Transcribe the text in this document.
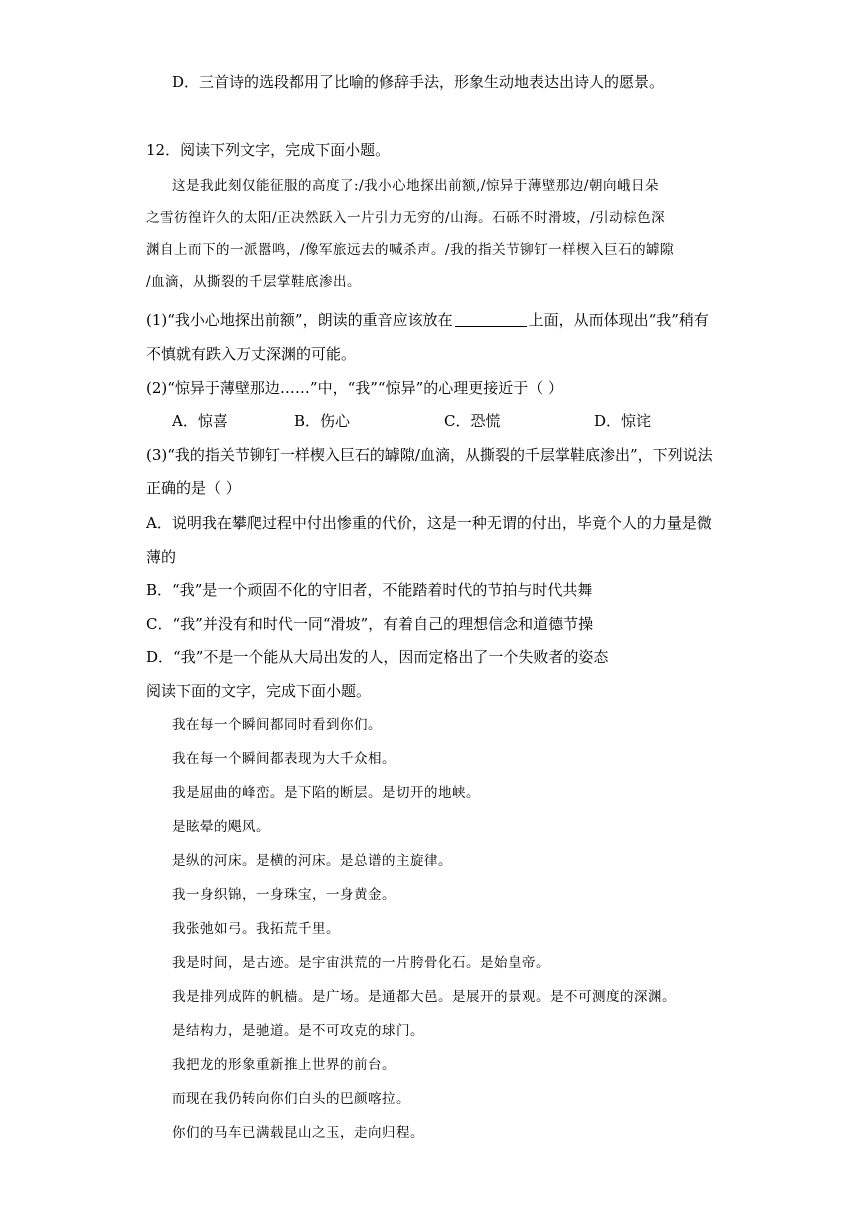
D．三首诗的选段都用了比喻的修辞手法，形象生动地表达出诗人的愿景。
12．阅读下列文字，完成下面小题。
这是我此刻仅能征服的高度了:/我小心地探出前额,/惊异于薄壁那边/朝向峨日朵
之雪彷徨许久的太阳/正决然跃入一片引力无穷的/山海。石砾不时滑坡，/引动棕色深
渊自上而下的一派嚣鸣，/像军旅远去的喊杀声。/我的指关节铆钉一样楔入巨石的罅隙
/血滴，从撕裂的千层掌鞋底渗出。
(1)“我小心地探出前额”，朗读的重音应该放在	上面，从而体现出“我”稍有
不慎就有跌入万丈深渊的可能。
(2)“惊异于薄壁那边……”中，“我”“惊异”的心理更接近于（ ）
A．惊喜	B．伤心	C．恐慌	D．惊诧
(3)“我的指关节铆钉一样楔入巨石的罅隙/血滴，从撕裂的千层掌鞋底渗出”，下列说法
正确的是（ ）
A．说明我在攀爬过程中付出惨重的代价，这是一种无谓的付出，毕竟个人的力量是微
薄的
B．“我”是一个顽固不化的守旧者，不能踏着时代的节拍与时代共舞
C．“我”并没有和时代一同“滑坡”，有着自己的理想信念和道德节操
D．“我”不是一个能从大局出发的人，因而定格出了一个失败者的姿态
阅读下面的文字，完成下面小题。
我在每一个瞬间都同时看到你们。
我在每一个瞬间都表现为大千众相。
我是屈曲的峰峦。是下陷的断层。是切开的地峡。
是眩晕的飓风。
是纵的河床。是横的河床。是总谱的主旋律。
我一身织锦，一身珠宝，一身黄金。
我张弛如弓。我拓荒千里。
我是时间，是古迹。是宇宙洪荒的一片胯骨化石。是始皇帝。
我是排列成阵的帆樯。是广场。是通都大邑。是展开的景观。是不可测度的深渊。
是结构力，是驰道。是不可攻克的球门。
我把龙的形象重新推上世界的前台。
而现在我仍转向你们白头的巴颜喀拉。
你们的马车已满载昆山之玉，走向归程。
